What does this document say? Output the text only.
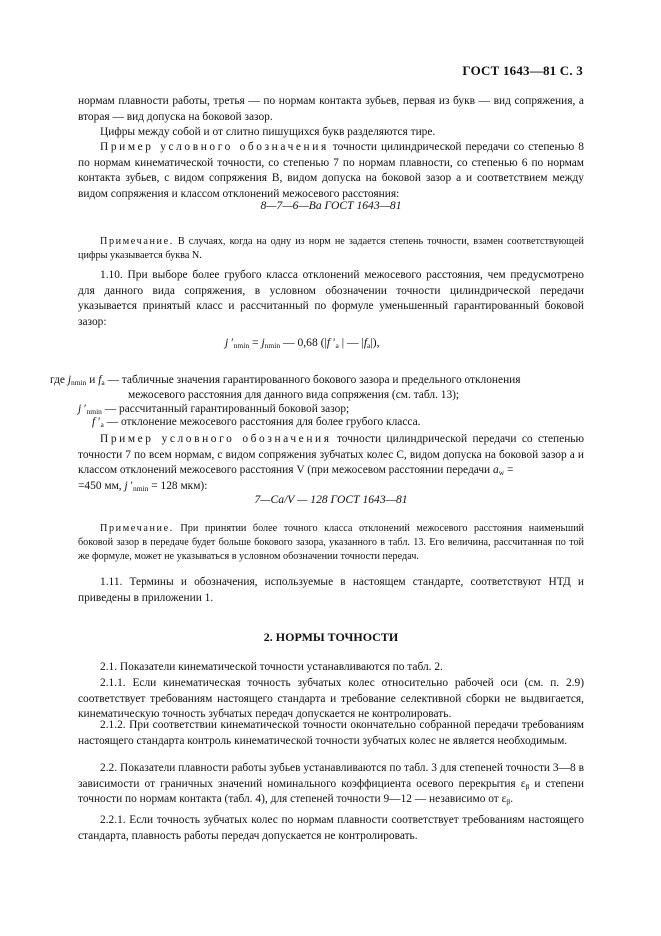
ГОСТ 1643—81 С. 3

нормам плавности работы, третья — по нормам контакта зубьев, первая из букв — вид сопряжения, а вторая — вид допуска на боковой зазор.

Цифры между собой и от слитно пишущихся букв разделяются тире.

Пример условного обозначения точности цилиндрической передачи со степенью 8 по нормам кинематической точности, со степенью 7 по нормам плавности, со степенью 6 по нормам контакта зубьев, с видом сопряжения В, видом допуска на боковой зазор а и соответствием между видом сопряжения и классом отклонений межосевого расстояния:

8—7—6—Ва ГОСТ 1643—81

Примечание. В случаях, когда на одну из норм не задается степень точности, взамен соответствующей цифры указывается буква N.

1.10. При выборе более грубого класса отклонений межосевого расстояния, чем предусмотрено для данного вида сопряжения, в условном обозначении точности цилиндрической передачи указывается принятый класс и рассчитанный по формуле уменьшенный гарантированный боковой зазор:

j $'_{nmin} = j_{nmin}$ — 0,68 (|f $'_a$ | — $|f_a|$),
где $j_{nmin}$ и $f_a$ — табличные значения гарантированного бокового зазора и предельного отклонения
межосевого расстояния для данного вида сопряжения (см. табл. 13);
j $'_{nmin}$ — рассчитанный гарантированный боковой зазор;
f $'_a$ — отклонение межосевого расстояния для более грубого класса.

Пример условного обозначения точности цилиндрической передачи со степенью точности 7 по всем нормам, с видом сопряжения зубчатых колес С, видом допуска на боковой зазор а и классом отклонений межосевого расстояния V (при межосевом расстоянии передачи $a_w$ =
=450 мм, j $'_{nmin} = 128$ мкм):

7—Ca/V — 128 ГОСТ 1643—81

Примечание. При принятии более точного класса отклонений межосевого расстояния наименьший боковой зазор в передаче будет больше бокового зазора, указанного в табл. 13. Его величина, рассчитанная по той же формуле, может не указываться в условном обозначении точности передач.

1.11. Термины и обозначения, используемые в настоящем стандарте, соответствуют НТД и приведены в приложении 1.

2. НОРМЫ ТОЧНОСТИ

2.1. Показатели кинематической точности устанавливаются по табл. 2.

2.1.1. Если кинематическая точность зубчатых колес относительно рабочей оси (см. п. 2.9) соответствует требованиям настоящего стандарта и требование селективной сборки не выдвигается, кинематическую точность зубчатых передач допускается не контролировать.

2.1.2. При соответствии кинематической точности окончательно собранной передачи требованиям настоящего стандарта контроль кинематической точности зубчатых колес не является необходимым.

2.2. Показатели плавности работы зубьев устанавливаются по табл. 3 для степеней точности 3—8 в зависимости от граничных значений номинального коэффициента осевого перекрытия $\varepsilon_\beta$ и степени точности по нормам контакта (табл. 4), для степеней точности 9—12 — независимо от $\varepsilon_\beta$.

2.2.1. Если точность зубчатых колес по нормам плавности соответствует требованиям настоящего стандарта, плавность работы передач допускается не контролировать.
